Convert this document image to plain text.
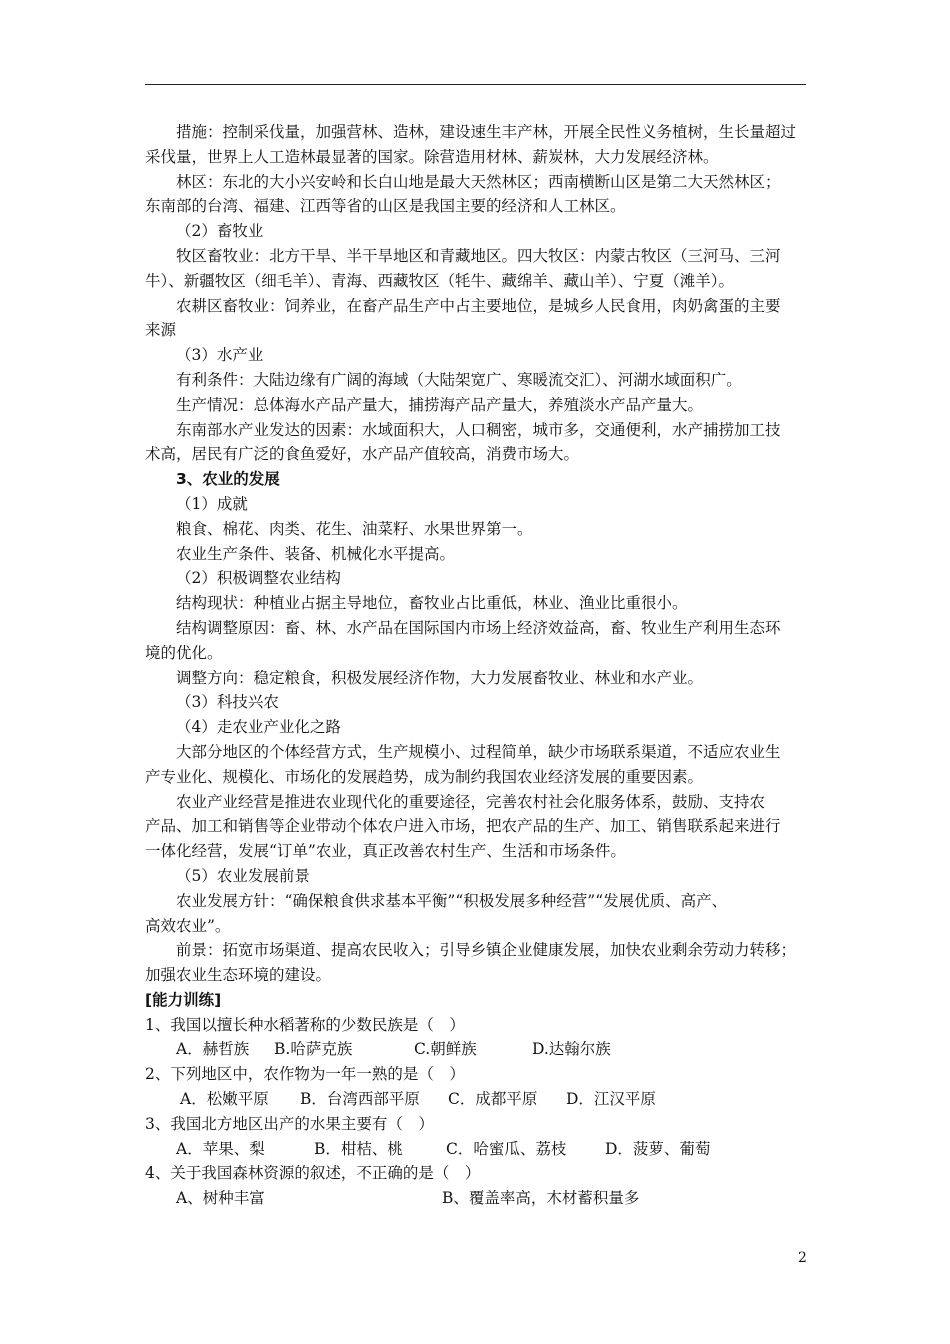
措施：控制采伐量，加强营林、造林，建设速生丰产林，开展全民性义务植树，生长量超过

采伐量，世界上人工造林最显著的国家。除营造用材林、薪炭林，大力发展经济林。

林区：东北的大小兴安岭和长白山地是最大天然林区；西南横断山区是第二大天然林区；

东南部的台湾、福建、江西等省的山区是我国主要的经济和人工林区。

（2）畜牧业

牧区畜牧业：北方干旱、半干旱地区和青藏地区。四大牧区：内蒙古牧区（三河马、三河

牛）、新疆牧区（细毛羊）、青海、西藏牧区（牦牛、藏绵羊、藏山羊）、宁夏（滩羊）。

农耕区畜牧业：饲养业，在畜产品生产中占主要地位，是城乡人民食用，肉奶禽蛋的主要

来源

（3）水产业

有利条件：大陆边缘有广阔的海域（大陆架宽广、寒暖流交汇）、河湖水域面积广。

生产情况：总体海水产品产量大，捕捞海产品产量大，养殖淡水产品产量大。

东南部水产业发达的因素：水域面积大，人口稠密，城市多，交通便利，水产捕捞加工技

术高，居民有广泛的食鱼爱好，水产品产值较高，消费市场大。

3、农业的发展

（1）成就

粮食、棉花、肉类、花生、油菜籽、水果世界第一。

农业生产条件、装备、机械化水平提高。

（2）积极调整农业结构

结构现状：种植业占据主导地位，畜牧业占比重低，林业、渔业比重很小。

结构调整原因：畜、林、水产品在国际国内市场上经济效益高，畜、牧业生产利用生态环

境的优化。

调整方向：稳定粮食，积极发展经济作物，大力发展畜牧业、林业和水产业。

（3）科技兴农

（4）走农业产业化之路

大部分地区的个体经营方式，生产规模小、过程简单，缺少市场联系渠道，不适应农业生

产专业化、规模化、市场化的发展趋势，成为制约我国农业经济发展的重要因素。

农业产业经营是推进农业现代化的重要途径，完善农村社会化服务体系，鼓励、支持农

产品、加工和销售等企业带动个体农户进入市场，把农产品的生产、加工、销售联系起来进行

一体化经营，发展“订单”农业，真正改善农村生产、生活和市场条件。

（5）农业发展前景

农业发展方针：“确保粮食供求基本平衡”“积极发展多种经营”“发展优质、高产、

高效农业”。

前景：拓宽市场渠道、提高农民收入；引导乡镇企业健康发展，加快农业剩余劳动力转移；

加强农业生态环境的建设。

[能力训练]

1、我国以擅长种水稻著称的少数民族是（　）

A．赫哲族	B.哈萨克族	C.朝鲜族	D.达翰尔族

2、下列地区中，农作物为一年一熟的是（　）

A．松嫩平原	B．台湾西部平原	C．成都平原	D．江汉平原

3、我国北方地区出产的水果主要有（　）

A．苹果、梨	B．柑桔、桃	C．哈蜜瓜、荔枝	D．菠萝、葡萄

4、关于我国森林资源的叙述，不正确的是（　）

A、树种丰富	B、覆盖率高，木材蓄积量多
2
